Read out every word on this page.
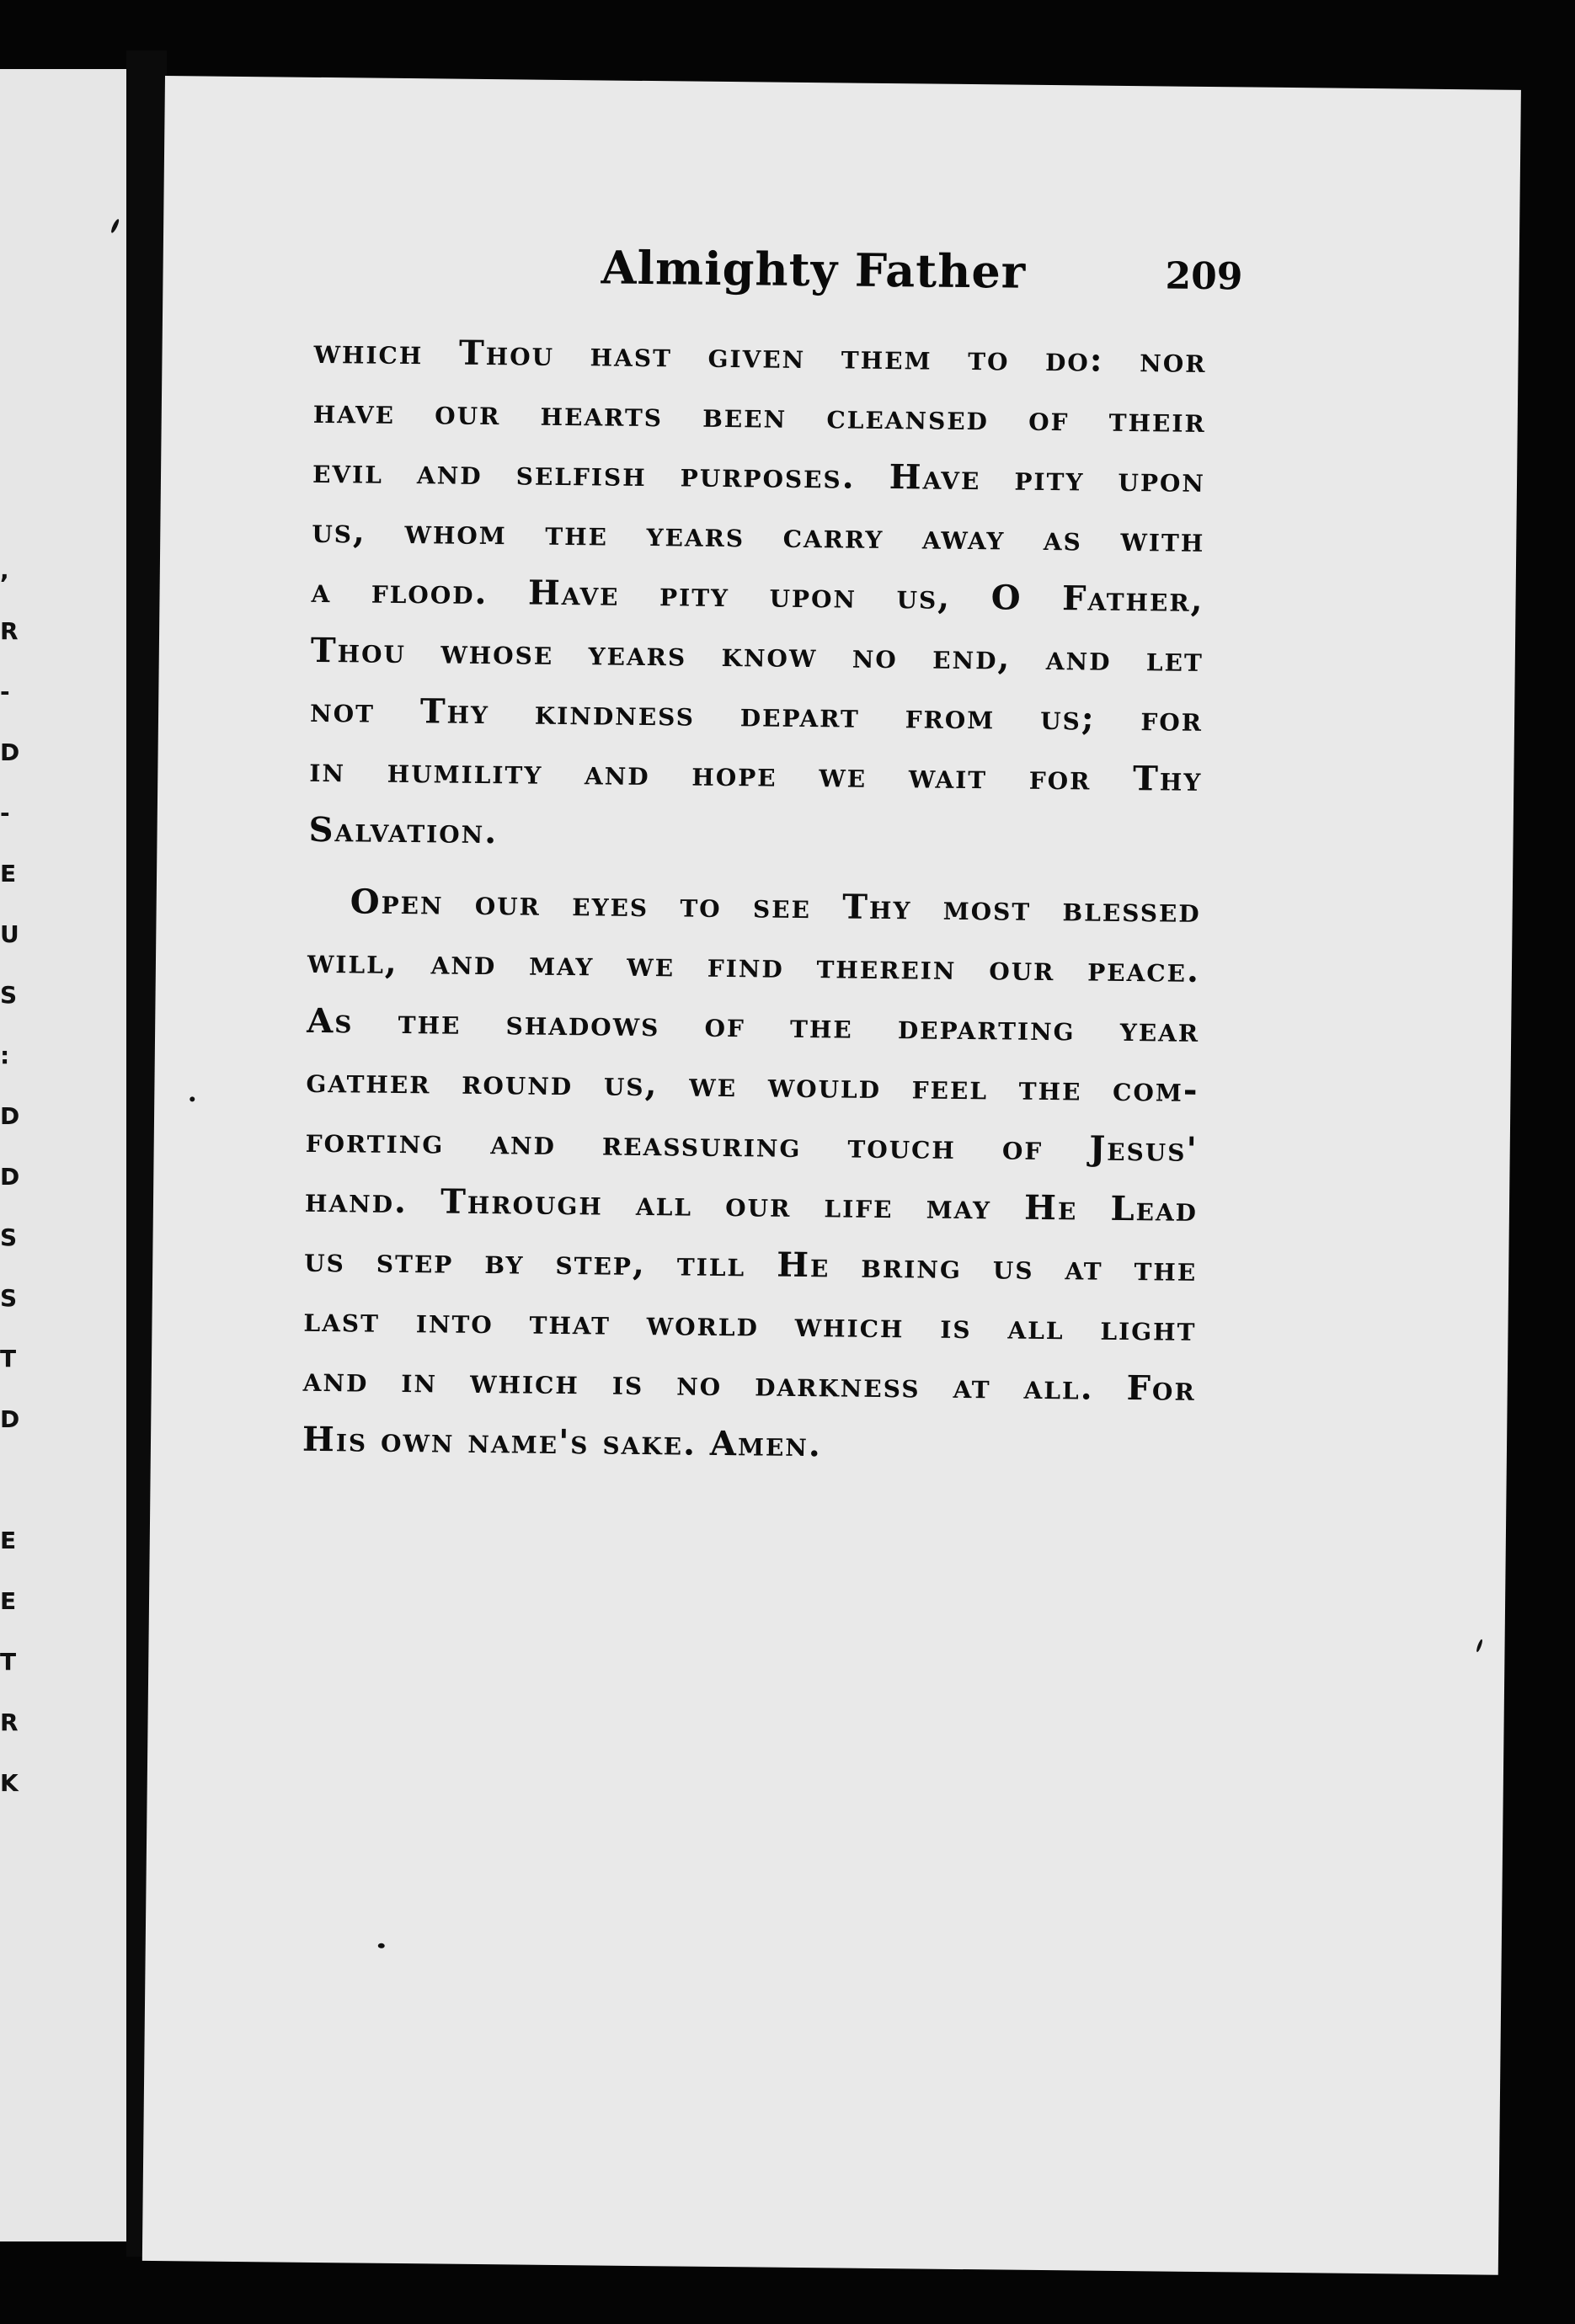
,
R
-
D
-
E
U
S
:
D
D
S
S
T
D
E
E
T
R
K
Almighty Father	209
which Thou hast given them to do: nor
have our hearts been cleansed of their
evil and selfish purposes. Have pity upon
us, whom the years carry away as with
a flood. Have pity upon us, O Father,
Thou whose years know no end, and let
not Thy kindness depart from us; for
in humility and hope we wait for Thy
Salvation.
Open our eyes to see Thy most blessed
will, and may we find therein our peace.
As the shadows of the departing year
gather round us, we would feel the com-
forting and reassuring touch of Jesus'
hand. Through all our life may He Lead
us step by step, till He bring us at the
last into that world which is all light
and in which is no darkness at all. For
His own name's sake. Amen.
